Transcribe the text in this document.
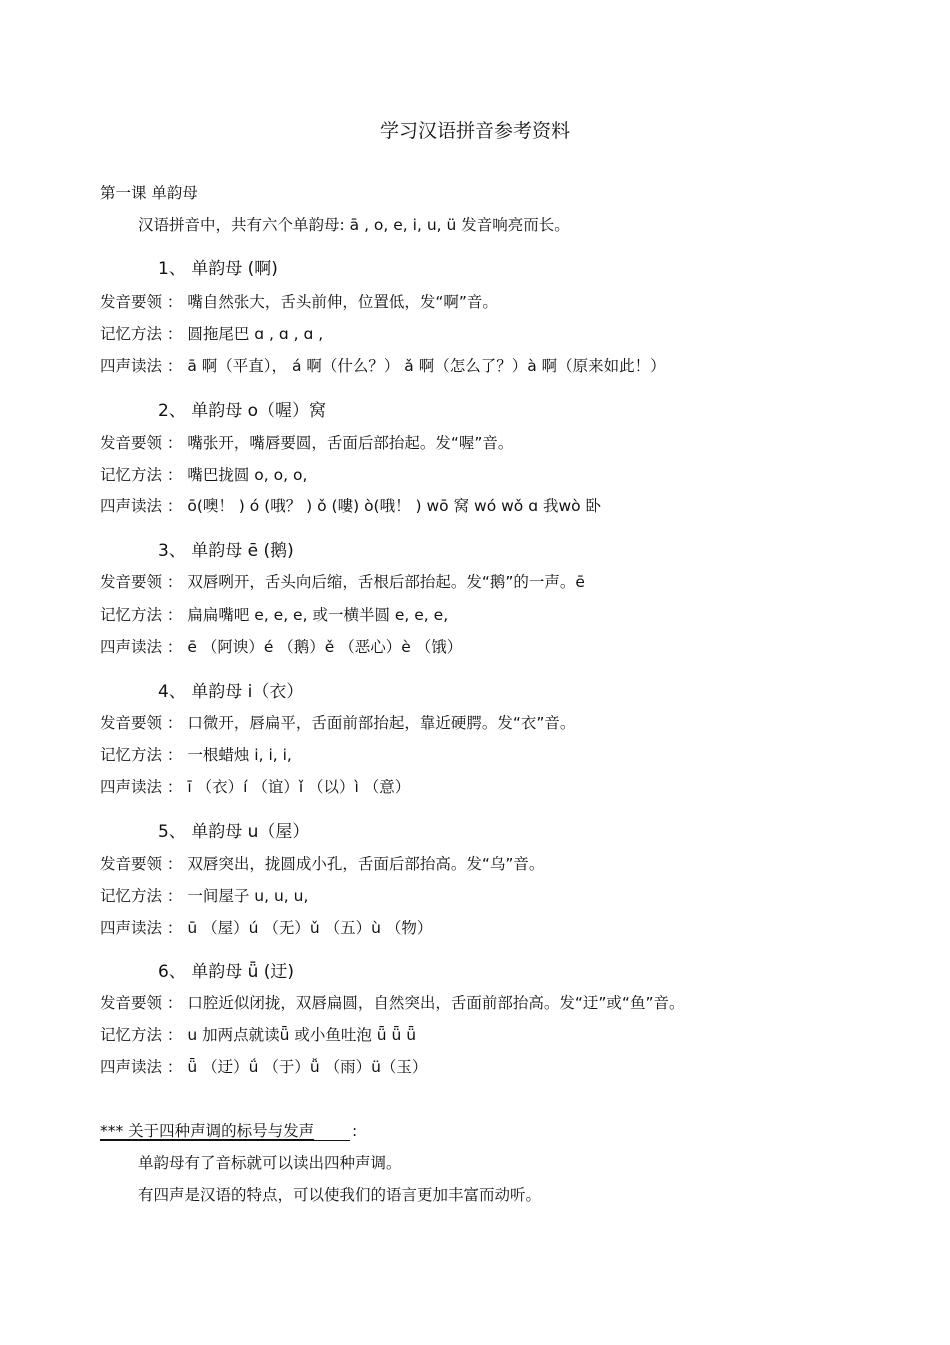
学习汉语拼音参考资料
第一课 单韵母
汉语拼音中，共有六个单韵母: ā , o, e, i, u, ü 发音响亮而长。
1、 单韵母 (啊)
发音要领 ： 嘴自然张大，舌头前伸，位置低，发“啊”音。
记忆方法 ： 圆拖尾巴 ɑ , ɑ , ɑ ,
四声读法 ： ā 啊（平直）， á 啊（什么？） ǎ 啊（怎么了？）à 啊（原来如此！）
2、 单韵母 o（喔）窝
发音要领 ： 嘴张开，嘴唇要圆，舌面后部抬起。发“喔”音。
记忆方法 ： 嘴巴拢圆 o, o, o,
四声读法 ： ō(噢！ ) ó (哦？ ) ǒ (嘍) ò(哦！ ) wō 窝 wó wǒ ɑ 我wò 卧
3、 单韵母 ē (鹅)
发音要领 ： 双唇咧开，舌头向后缩，舌根后部抬起。发“鹅”的一声。ē
记忆方法 ： 扁扁嘴吧 e, e, e, 或一横半圆 e, e, e,
四声读法 ： ē （阿谀）é （鹅）ě （恶心）è （饿）
4、 单韵母 i（衣）
发音要领 ： 口微开，唇扁平，舌面前部抬起，靠近硬腭。发“衣”音。
记忆方法 ： 一根蜡烛 i, i, i,
四声读法 ： ī （衣）í （谊）ǐ （以）ì （意）
5、 单韵母 u（屋）
发音要领 ： 双唇突出，拢圆成小孔，舌面后部抬高。发“乌”音。
记忆方法 ： 一间屋子 u, u, u,
四声读法 ： ū （屋）ú （无）ǔ （五）ù （物）
6、 单韵母 ǖ (迂)
发音要领 ： 口腔近似闭拢，双唇扁圆，自然突出，舌面前部抬高。发“迂”或“鱼”音。
记忆方法 ： u 加两点就读ǖ 或小鱼吐泡 ǖ ǖ ǖ
四声读法 ： ǖ （迂）ǘ （于）ǚ （雨）ü（玉）
*** 关于四种声调的标号与发声 :
单韵母有了音标就可以读出四种声调。
有四声是汉语的特点，可以使我们的语言更加丰富而动听。
